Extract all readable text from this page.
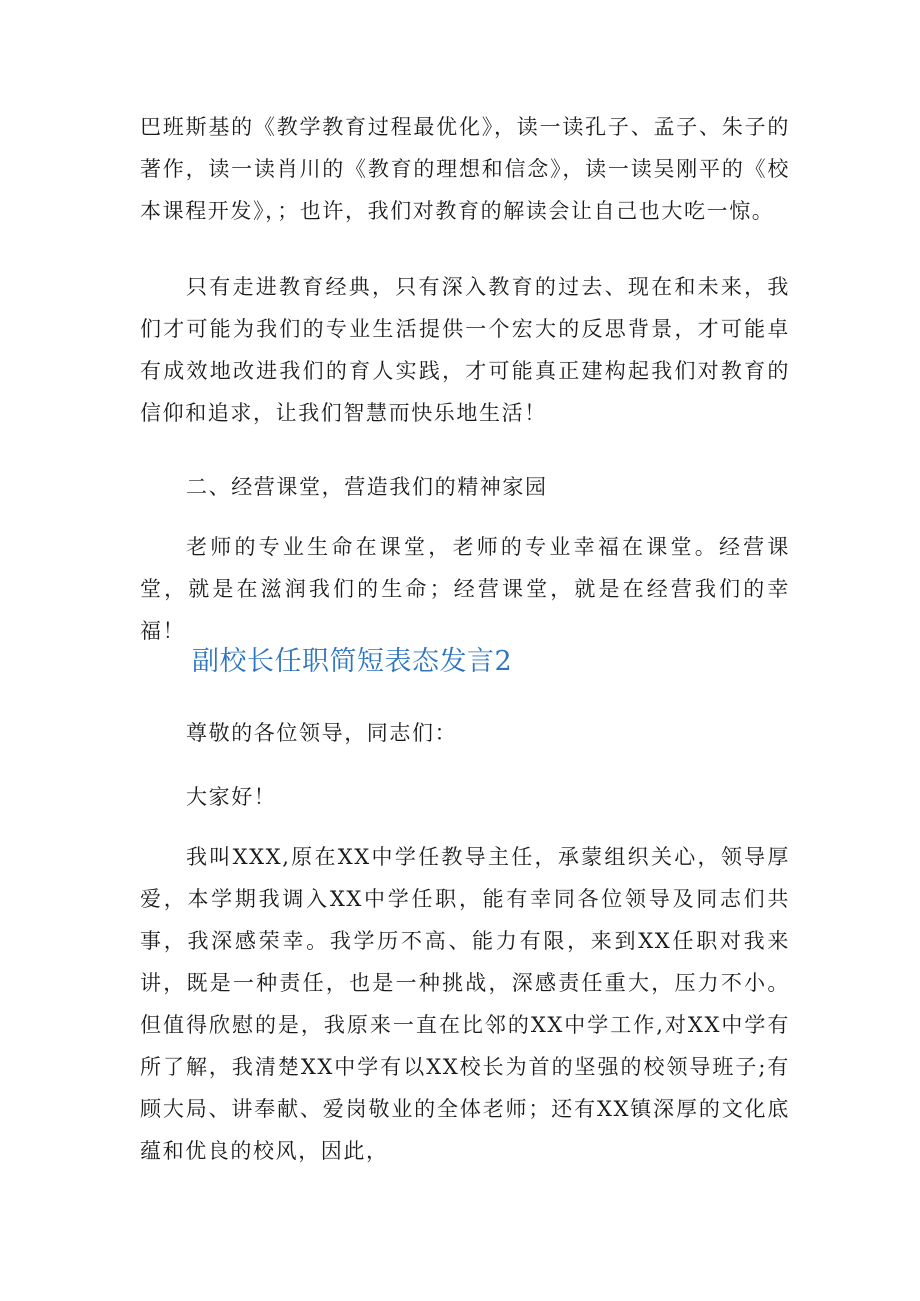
巴班斯基的《教学教育过程最优化》，读一读孔子、孟子、朱子的著作，读一读肖川的《教育的理想和信念》，读一读吴刚平的《校本课程开发》，；也许，我们对教育的解读会让自己也大吃一惊。

只有走进教育经典，只有深入教育的过去、现在和未来，我们才可能为我们的专业生活提供一个宏大的反思背景，才可能卓有成效地改进我们的育人实践，才可能真正建构起我们对教育的信仰和追求，让我们智慧而快乐地生活！

二、经营课堂，营造我们的精神家园

老师的专业生命在课堂，老师的专业幸福在课堂。经营课堂，就是在滋润我们的生命；经营课堂，就是在经营我们的幸福！

副校长任职简短表态发言2

尊敬的各位领导，同志们：

大家好！

我叫XXX,原在XX中学任教导主任，承蒙组织关心，领导厚爱，本学期我调入XX中学任职，能有幸同各位领导及同志们共事，我深感荣幸。我学历不高、能力有限，来到XX任职对我来讲，既是一种责任，也是一种挑战，深感责任重大，压力不小。但值得欣慰的是，我原来一直在比邻的XX中学工作,对XX中学有所了解，我清楚XX中学有以XX校长为首的坚强的校领导班子;有顾大局、讲奉献、爱岗敬业的全体老师；还有XX镇深厚的文化底蕴和优良的校风，因此，
